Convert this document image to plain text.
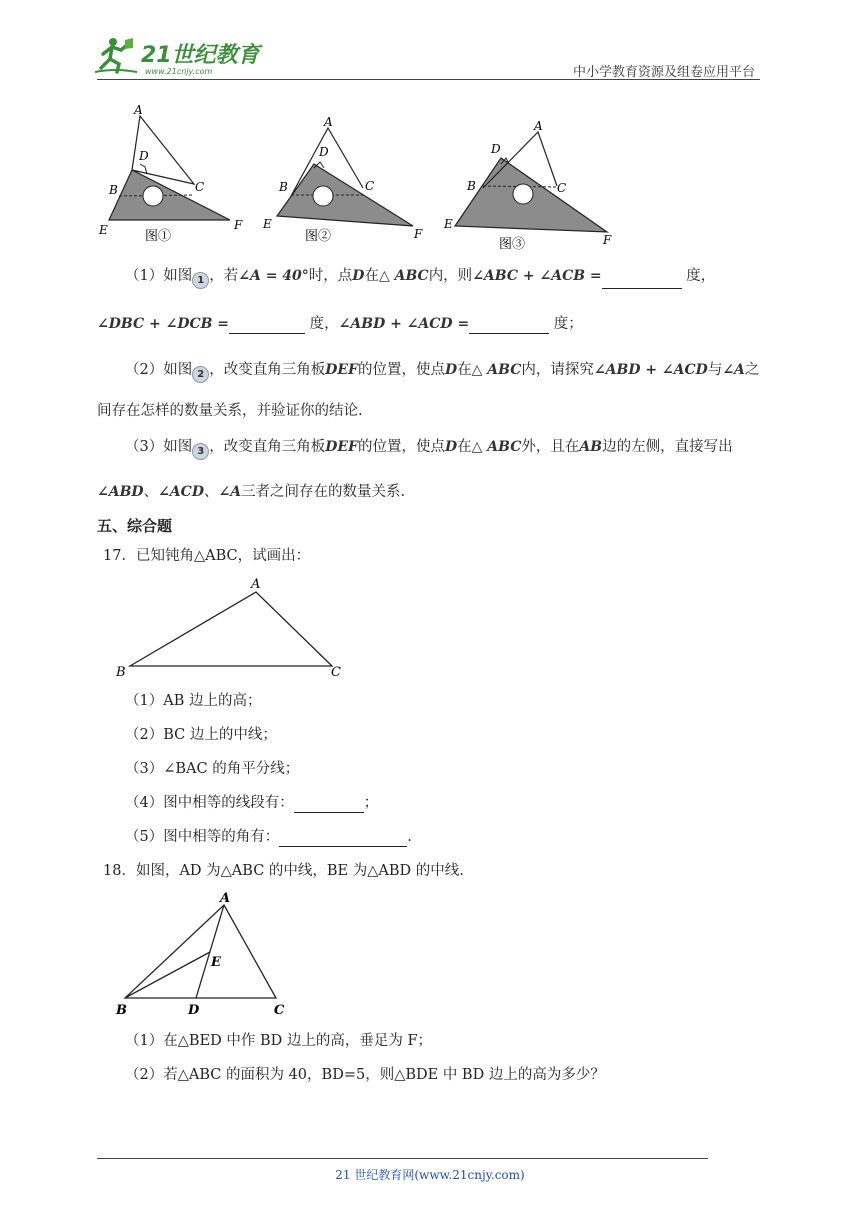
21世纪教育
www.21cnjy.com	中小学教育资源及组卷应用平台
A
D
B	C
E	F
图①
A
D
B	C
E
F
图②
A
D
B	C
E
F
图③
（1）如图 1 ，若∠A = 40°时，点D在△ ABC内，则∠ABC + ∠ACB =	度，
∠DBC + ∠DCB =	度，∠ABD + ∠ACD =	度；
（2）如图 2 ，改变直角三角板DEF的位置，使点D在△ ABC内，请探究∠ABD + ∠ACD与∠A之
间存在怎样的数量关系，并验证你的结论.
（3）如图 3 ，改变直角三角板DEF的位置，使点D在△ ABC外，且在AB边的左侧，直接写出
∠ABD、∠ACD、∠A三者之间存在的数量关系.
五、综合题
17．已知钝角△ABC，试画出：
A
B	C
（1）AB 边上的高；
（2）BC 边上的中线；
（3）∠BAC 的角平分线；
（4）图中相等的线段有：	；
（5）图中相等的角有：	.
18．如图，AD 为△ABC 的中线，BE 为△ABD 的中线.
A
E
B	D	C
（1）在△BED 中作 BD 边上的高，垂足为 F；
（2）若△ABC 的面积为 40，BD=5，则△BDE 中 BD 边上的高为多少？
21 世纪教育网(www.21cnjy.com)
